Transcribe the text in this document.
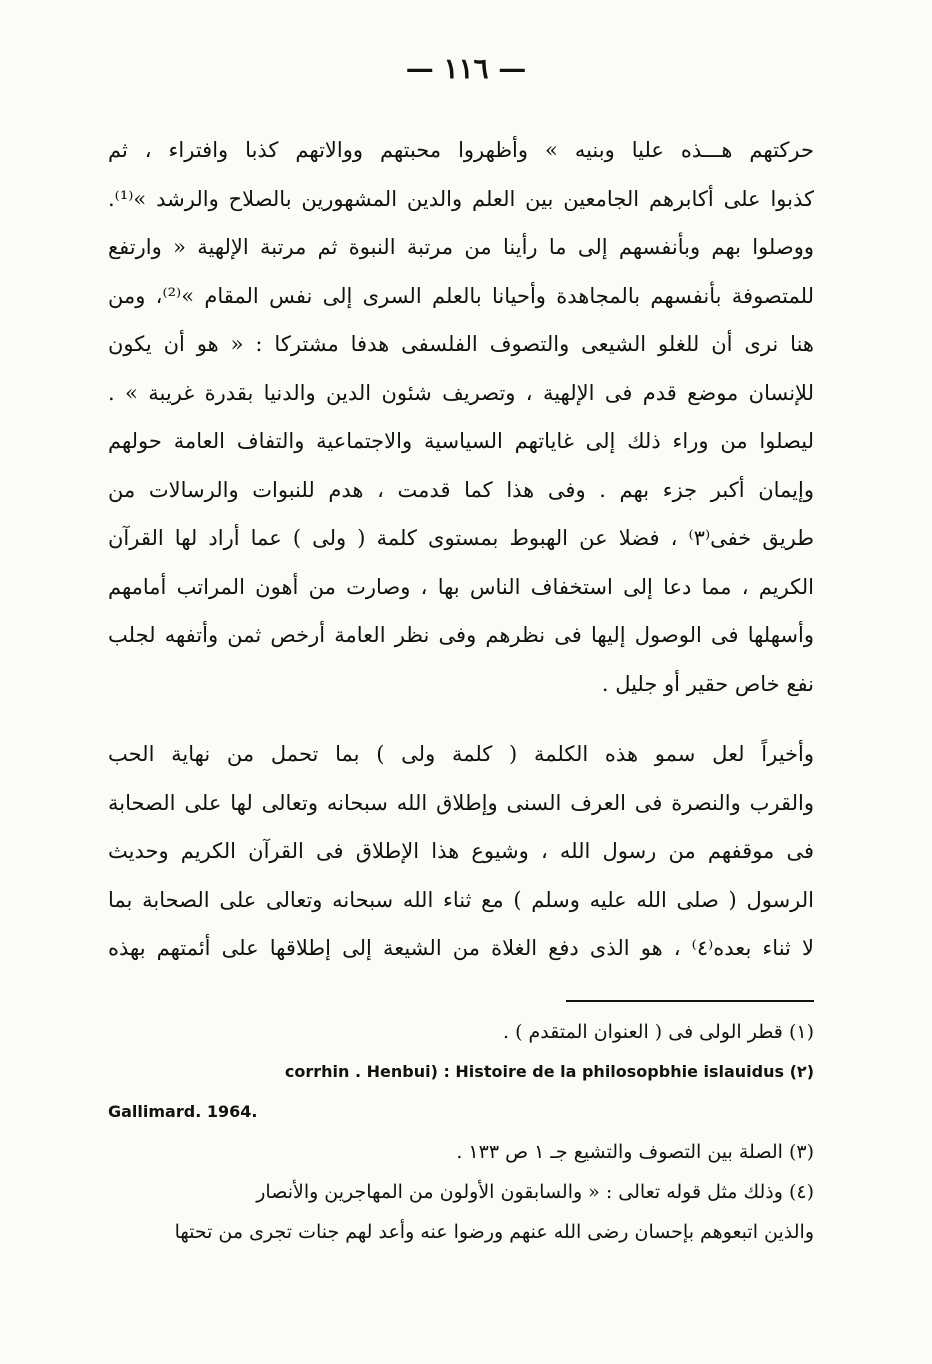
— ١١٦ —
حركتهم هـــذه عليا وبنيه » وأظهروا محبتهم ووالاتهم كذبا وافتراء ، ثم
كذبوا على أكابرهم الجامعين بين العلم والدين المشهورين بالصلاح والرشد »⁽¹⁾.
ووصلوا بهم وبأنفسهم إلى ما رأينا من مرتبة النبوة ثم مرتبة الإلهية « وارتفع
للمتصوفة بأنفسهم بالمجاهدة وأحيانا بالعلم السرى إلى نفس المقام »⁽²⁾، ومن
هنا نرى أن للغلو الشيعى والتصوف الفلسفى هدفا مشتركا : « هو أن يكون
للإنسان موضع قدم فى الإلهية ، وتصريف شئون الدين والدنيا بقدرة غريبة » .
ليصلوا من وراء ذلك إلى غاياتهم السياسية والاجتماعية والتفاف العامة حولهم
وإيمان أكبر جزء بهم . وفى هذا كما قدمت ، هدم للنبوات والرسالات من
طريق خفى⁽٣⁾ ، فضلا عن الهبوط بمستوى كلمة ( ولى ) عما أراد لها القرآن
الكريم ، مما دعا إلى استخفاف الناس بها ، وصارت من أهون المراتب أمامهم
وأسهلها فى الوصول إليها فى نظرهم وفى نظر العامة أرخص ثمن وأتفهه لجلب
نفع خاص حقير أو جليل .
وأخيراً لعل سمو هذه الكلمة ( كلمة ولى ) بما تحمل من نهاية الحب
والقرب والنصرة فى العرف السنى وإطلاق الله سبحانه وتعالى لها على الصحابة
فى موقفهم من رسول الله ، وشيوع هذا الإطلاق فى القرآن الكريم وحديث
الرسول ( صلى الله عليه وسلم ) مع ثناء الله سبحانه وتعالى على الصحابة بما
لا ثناء بعده⁽٤⁾ ، هو الذى دفع الغلاة من الشيعة إلى إطلاقها على أئمتهم بهذه
(١) قطر الولى فى ( العنوان المتقدم ) .
(٢) corrhin . Henbui) : Histoire de la philosopbhie islauidus
Gallimard. 1964.
(٣) الصلة بين التصوف والتشيع جـ ١ ص ١٣٣ .
(٤) وذلك مثل قوله تعالى : « والسابقون الأولون من المهاجرين والأنصار
والذين اتبعوهم بإحسان رضى الله عنهم ورضوا عنه وأعد لهم جنات تجرى من تحتها
